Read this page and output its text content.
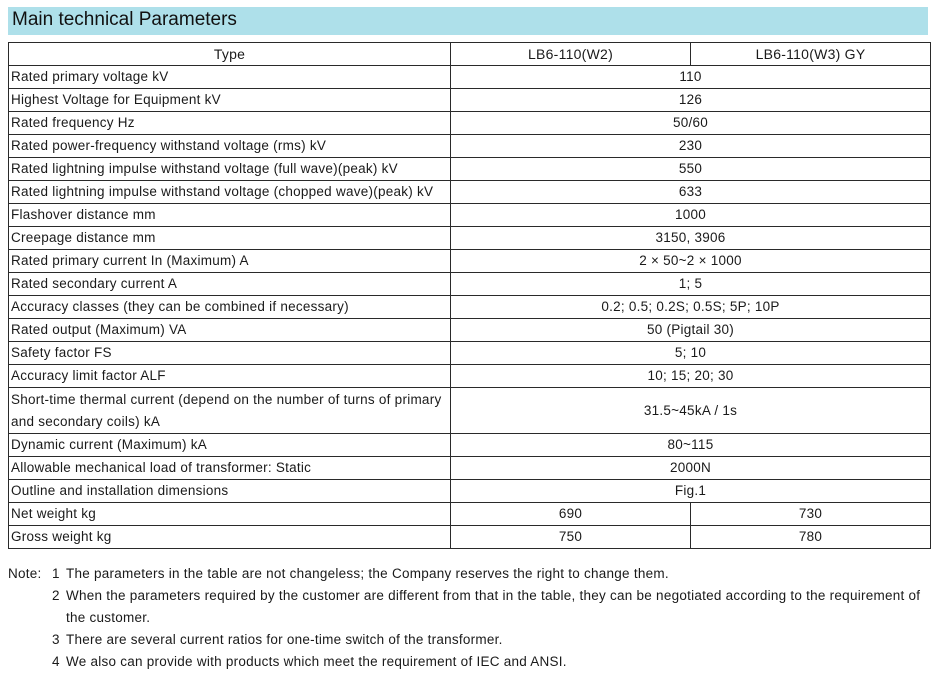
Main technical Parameters
Type	LB6-110(W2)	LB6-110(W3) GY
Rated primary voltage kV	110	
Highest Voltage for Equipment kV	126	
Rated frequency Hz	50/60	
Rated power-frequency withstand voltage (rms) kV	230	
Rated lightning impulse withstand voltage (full wave)(peak) kV	550	
Rated lightning impulse withstand voltage (chopped wave)(peak) kV	633	
Flashover distance mm	1000	
Creepage distance mm	3150, 3906	
Rated primary current In (Maximum) A	2 × 50~2 × 1000	
Rated secondary current A	1; 5	
Accuracy classes (they can be combined if necessary)	0.2; 0.5; 0.2S; 0.5S; 5P; 10P	
Rated output (Maximum) VA	50 (Pigtail 30)	
Safety factor FS	5; 10	
Accuracy limit factor ALF	10; 15; 20; 30	
Short-time thermal current (depend on the number of turns of primary and secondary coils) kA	31.5~45kA / 1s	
Dynamic current (Maximum) kA	80~115	
Allowable mechanical load of transformer: Static	2000N	
Outline and installation dimensions	Fig.1	
Net weight kg	690	730
Gross weight kg	750	780
Note: 1 The parameters in the table are not changeless; the Company reserves the right to change them.
2 When the parameters required by the customer are different from that in the table, they can be negotiated according to the requirement of the customer.
3 There are several current ratios for one-time switch of the transformer.
4 We also can provide with products which meet the requirement of IEC and ANSI.
